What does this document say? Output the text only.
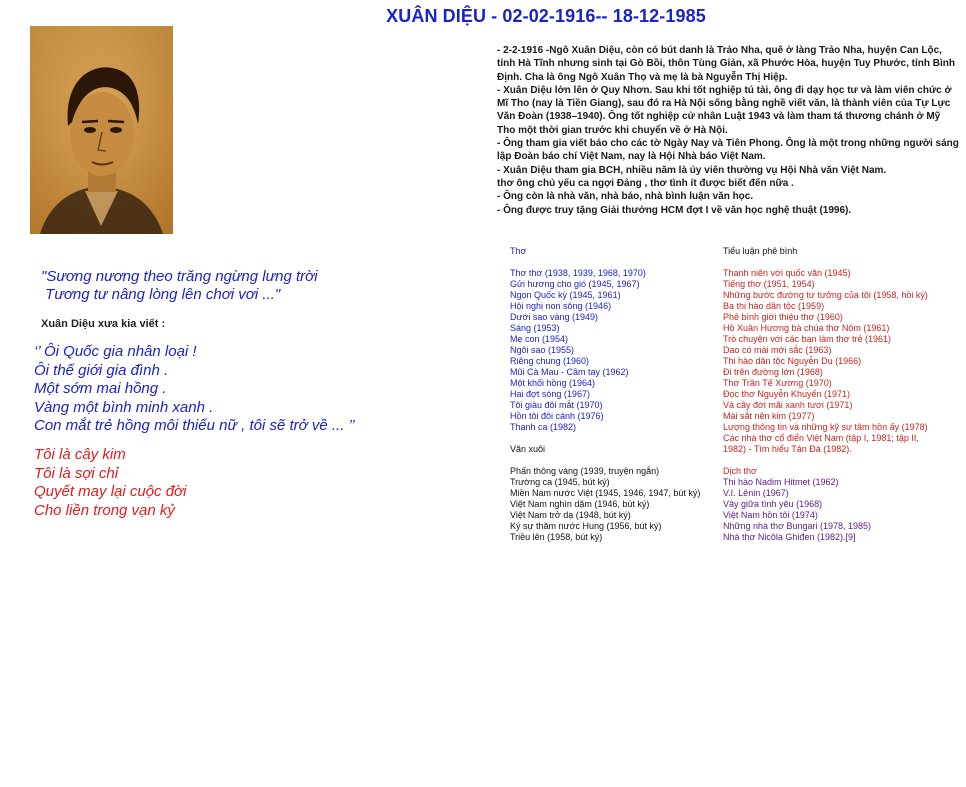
XUÂN DIỆU - 02-02-1916-- 18-12-1985

- 2-2-1916 -Ngô Xuân Diệu, còn có bút danh là Trảo Nha, quê ở làng Trảo Nha, huyện Can Lộc, tỉnh Hà Tĩnh nhưng sinh tại Gò Bồi, thôn Tùng Giản, xã Phước Hòa, huyện Tuy Phước, tỉnh Bình Định. Cha là ông Ngô Xuân Thọ và mẹ là bà Nguyễn Thị Hiệp.

- Xuân Diệu lớn lên ở Quy Nhơn. Sau khi tốt nghiệp tú tài, ông đi dạy học tư và làm viên chức ở Mĩ Tho (nay là Tiền Giang), sau đó ra Hà Nội sống bằng nghề viết văn, là thành viên của Tự Lực Văn Đoàn (1938–1940). Ông tốt nghiệp cử nhân Luật 1943 và làm tham tá thương chánh ở Mỹ Tho một thời gian trước khi chuyển về ở Hà Nội.

- Ông tham gia viết báo cho các tờ Ngày Nay và Tiên Phong. Ông là một trong những người sáng lập Đoàn báo chí Việt Nam, nay là Hội Nhà báo Việt Nam.

- Xuân Diệu tham gia BCH, nhiều năm là ủy viên thường vụ Hội Nhà văn Việt Nam.

thơ ông chủ yếu ca ngợi Đảng , thơ tình ít được biết đến nữa .

- Ông còn là nhà văn, nhà báo, nhà bình luận văn học.

- Ông được truy tặng Giải thưởng HCM đợt I về văn học nghệ thuật (1996).

"Sương nương theo trăng ngừng lưng trời

Tương tư nâng lòng lên chơi vơi ..."

Xuân Diệu xưa kia viết :

‘’ Ôi Quốc gia nhân loại !

Ôi thế giới gia đình .

Một sớm mai hồng .

Vàng một bình minh xanh .

Con mắt trẻ hồng môi thiếu nữ , tôi sẽ trở về ... ’’

Tôi là cây kim

Tôi là sợi chỉ

Quyết may lại cuộc đời

Cho liền trong vạn kỷ

Thơ

Thơ thơ (1938, 1939, 1968, 1970)

Gửi hương cho gió (1945, 1967)

Ngọn Quốc kỳ (1945, 1961)

Hội nghị non sông (1946)

Dưới sao vàng (1949)

Sáng (1953)

Mẹ con (1954)

Ngôi sao (1955)

Riêng chung (1960)

Mũi Cà Mau - Cầm tay (1962)

Một khối hồng (1964)

Hai đợt sóng (1967)

Tôi giàu đôi mắt (1970)

Hồn tôi đôi cánh (1976)

Thanh ca (1982)

Văn xuôi

Phấn thông vàng (1939, truyện ngắn)

Trường ca (1945, bút ký)

Miền Nam nước Việt (1945, 1946, 1947, bút ký)

Việt Nam nghìn dặm (1946, bút ký)

Việt Nam trở dạ (1948, bút ký)

Ký sự thăm nước Hung (1956, bút ký)

Triều lên (1958, bút ký)

Tiểu luận phê bình

Thanh niên với quốc văn (1945)

Tiếng thơ (1951, 1954)

Những bước đường tư tưởng của tôi (1958, hồi ký)

Ba thi hào dân tộc (1959)

Phê bình giới thiệu thơ (1960)

Hồ Xuân Hương bà chúa thơ Nôm (1961)

Trò chuyện với các bạn làm thơ trẻ (1961)

Dao có mài mới sắc (1963)

Thi hào dân tộc Nguyễn Du (1966)

Đi trên đường lớn (1968)

Thơ Trần Tế Xương (1970)

Đọc thơ Nguyễn Khuyến (1971)

Và cây đời mãi xanh tươi (1971)

Mài sắt nên kim (1977)

Lượng thông tin và những kỹ sư tâm hồn ấy (1978)

Các nhà thơ cổ điển Việt Nam (tập I, 1981; tập II,

1982) - Tìm hiểu Tản Đà (1982).

Dịch thơ

Thi hào Nadim Hitmet (1962)

V.I. Lênin (1967)

Vây giữa tình yêu (1968)

Việt Nam hồn tôi (1974)

Những nhà thơ Bungari (1978, 1985)

Nhà thơ Nicôla Ghiđen (1982).[9]
